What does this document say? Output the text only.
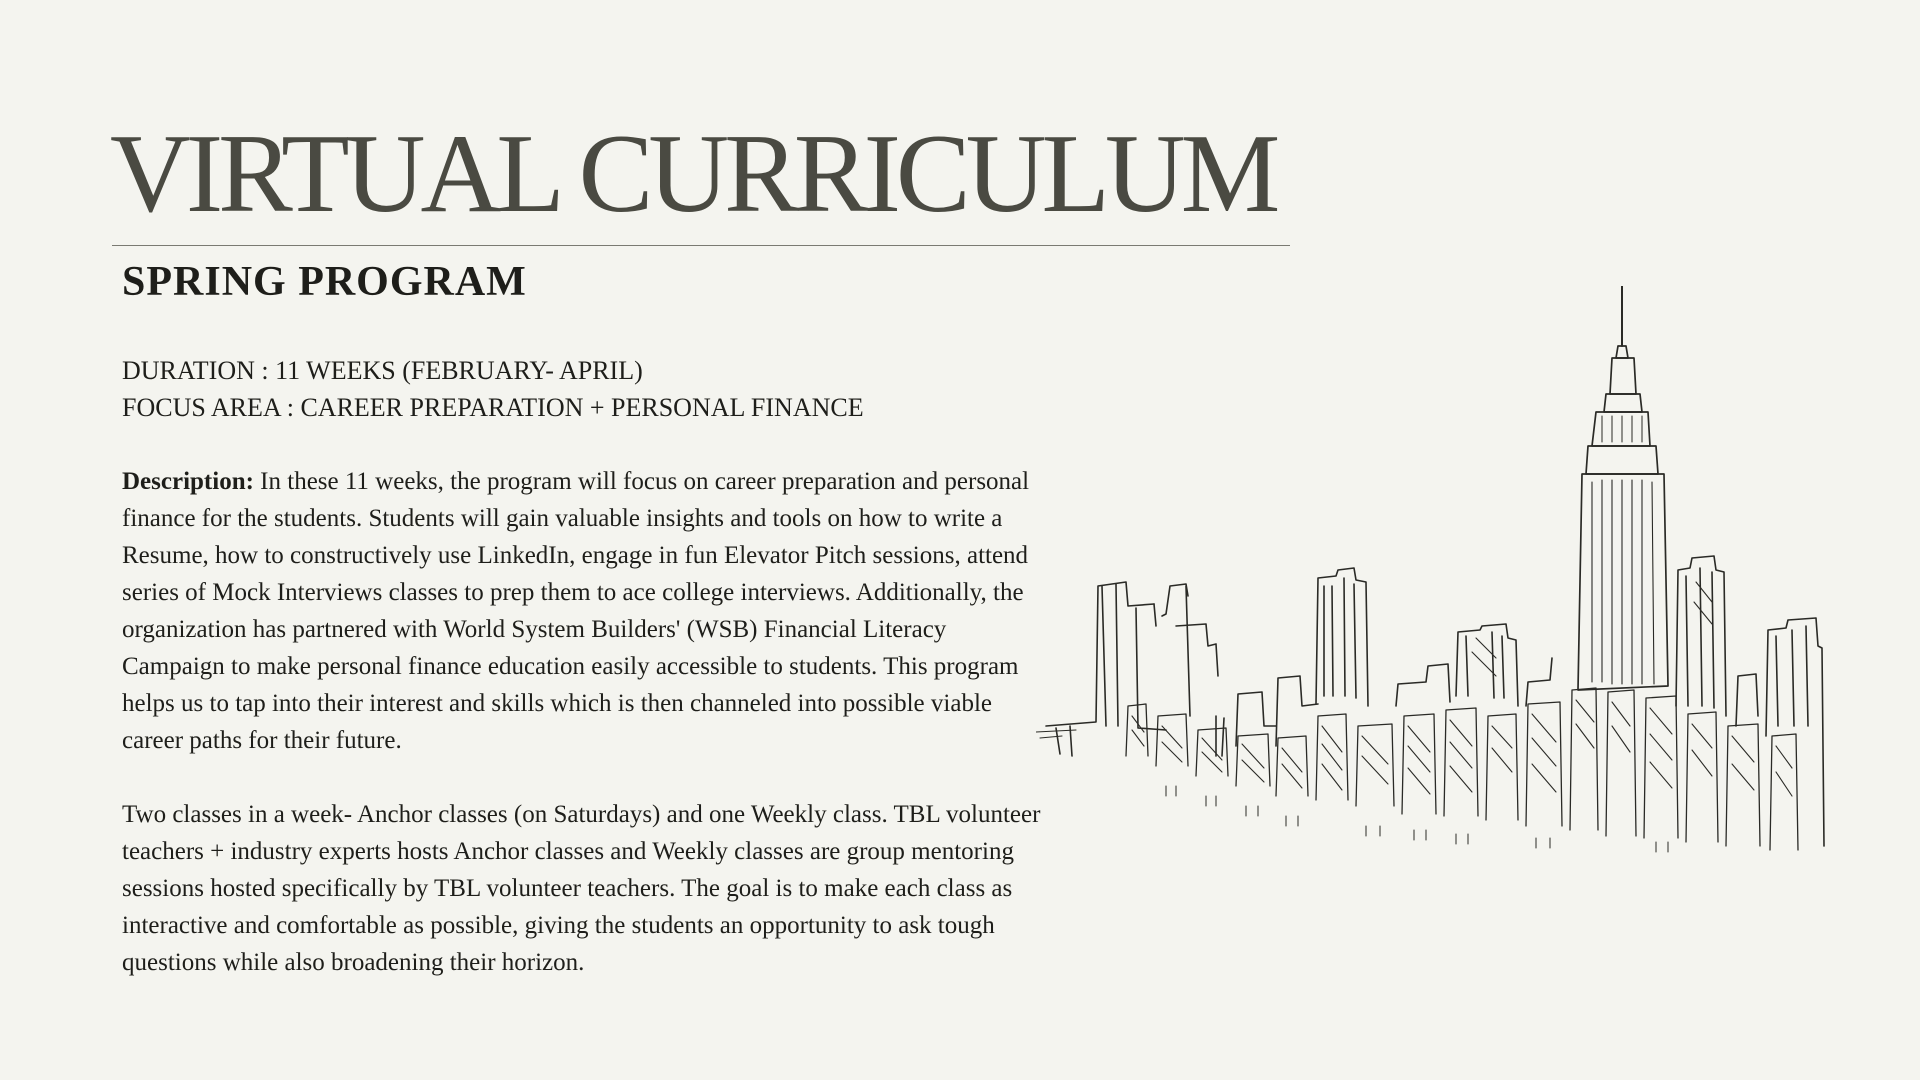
VIRTUAL CURRICULUM
SPRING PROGRAM
DURATION : 11 WEEKS (FEBRUARY- APRIL)
FOCUS AREA : CAREER PREPARATION + PERSONAL FINANCE

Description: In these 11 weeks, the program will focus on career preparation and personal finance for the students. Students will gain valuable insights and tools on how to write a Resume, how to constructively use LinkedIn, engage in fun Elevator Pitch sessions, attend series of Mock Interviews classes to prep them to ace college interviews. Additionally, the organization has partnered with World System Builders' (WSB) Financial Literacy Campaign to make personal finance education easily accessible to students. This program helps us to tap into their interest and skills which is then channeled into possible viable career paths for their future.

Two classes in a week- Anchor classes (on Saturdays) and one Weekly class. TBL volunteer teachers + industry experts hosts Anchor classes and Weekly classes are group mentoring sessions hosted specifically by TBL volunteer teachers. The goal is to make each class as interactive and comfortable as possible, giving the students an opportunity to ask tough questions while also broadening their horizon.
